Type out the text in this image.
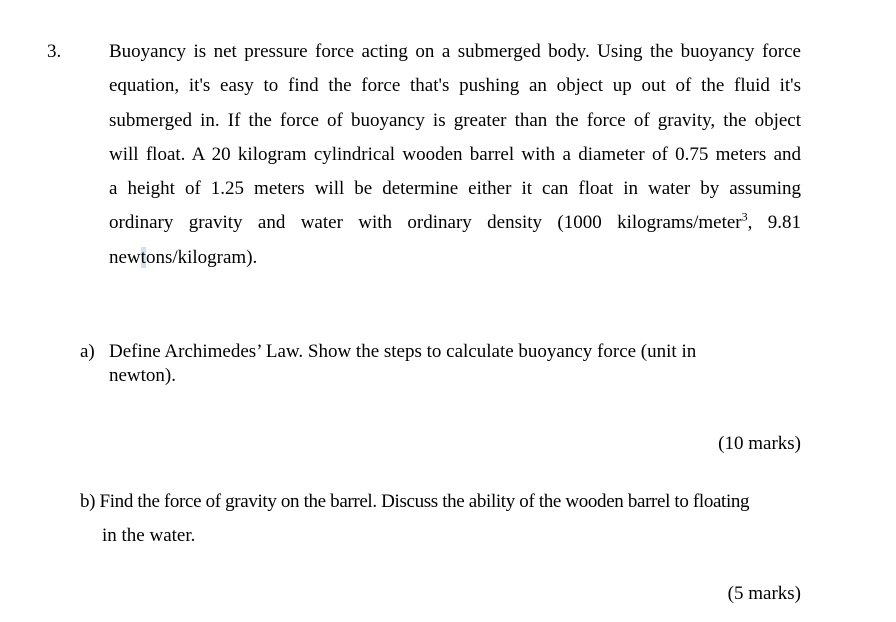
3.	Buoyancy is net pressure force acting on a submerged body. Using the buoyancy force
equation, it's easy to find the force that's pushing an object up out of the fluid it's
submerged in. If the force of buoyancy is greater than the force of gravity, the object
will float. A 20 kilogram cylindrical wooden barrel with a diameter of 0.75 meters and
a height of 1.25 meters will be determine either it can float in water by assuming
ordinary gravity and water with ordinary density (1000 kilograms/meter$^3$, 9.81
newtons/kilogram).
a) Define Archimedes’ Law. Show the steps to calculate buoyancy force (unit in
newton).
(10 marks)
b) Find the force of gravity on the barrel. Discuss the ability of the wooden barrel to floating
in the water.
(5 marks)
